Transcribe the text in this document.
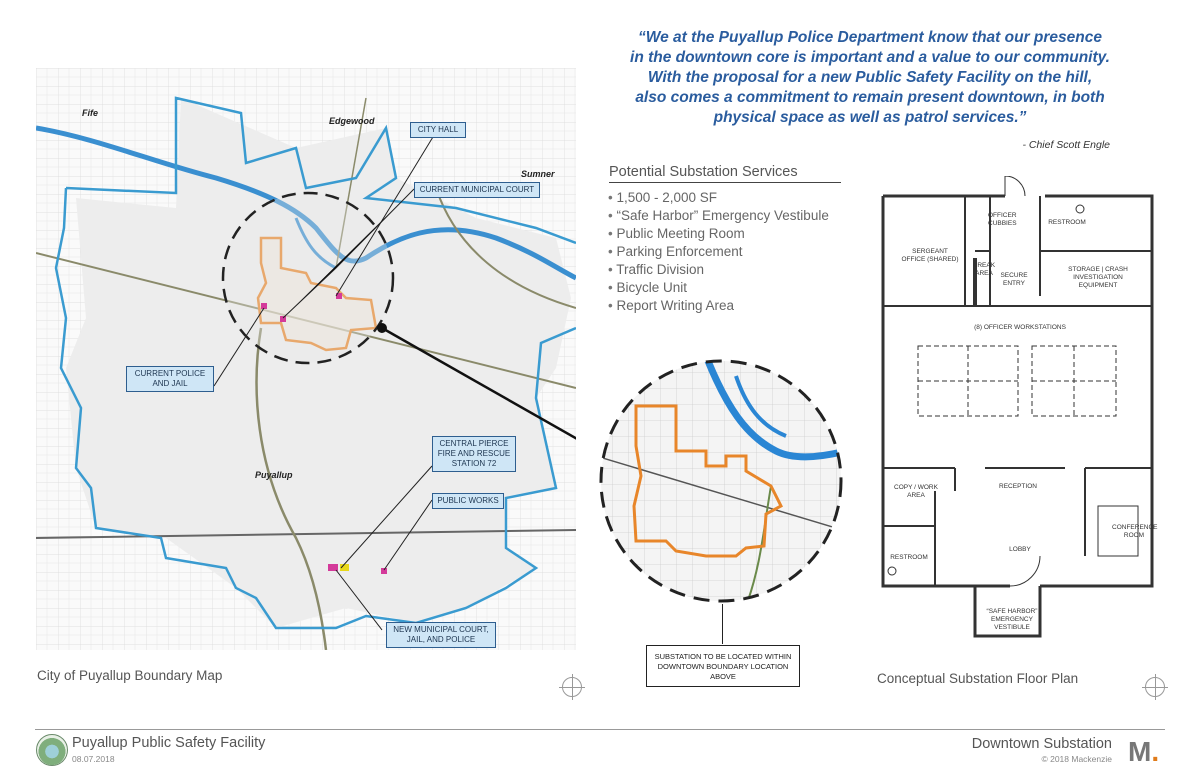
“We at the Puyallup Police Department know that our presence
in the downtown core is important and a value to our community.
With the proposal for a new Public Safety Facility on the hill,
also comes a commitment to remain present downtown, in both
physical space as well as patrol services.”
- Chief Scott Engle
Potential Substation Services
• 1,500 - 2,000 SF
• “Safe Harbor” Emergency Vestibule
• Public Meeting Room
• Parking Enforcement
• Traffic Division
• Bicycle Unit
• Report Writing Area
Fife
Edgewood
Sumner
Puyallup
CITY HALL
CURRENT MUNICIPAL COURT
CURRENT POLICE AND JAIL
CENTRAL PIERCE FIRE AND RESCUE STATION 72
PUBLIC WORKS
NEW MUNICIPAL COURT, JAIL, AND POLICE
City of Puyallup Boundary Map
SUBSTATION TO BE LOCATED WITHIN DOWNTOWN BOUNDARY LOCATION ABOVE
SERGEANT OFFICE (SHARED)
OFFICER CUBBIES	RESTROOM
BREAK AREA	SECURE ENTRY
STORAGE | CRASH INVESTIGATION EQUIPMENT
(8) OFFICER WORKSTATIONS
COPY / WORK AREA
RECEPTION
CONFERENCE ROOM
RESTROOM
LOBBY
“SAFE HARBOR” EMERGENCY VESTIBULE
Conceptual Substation Floor Plan
Puyallup Public Safety Facility
08.07.2018
Downtown Substation
© 2018 Mackenzie M.
